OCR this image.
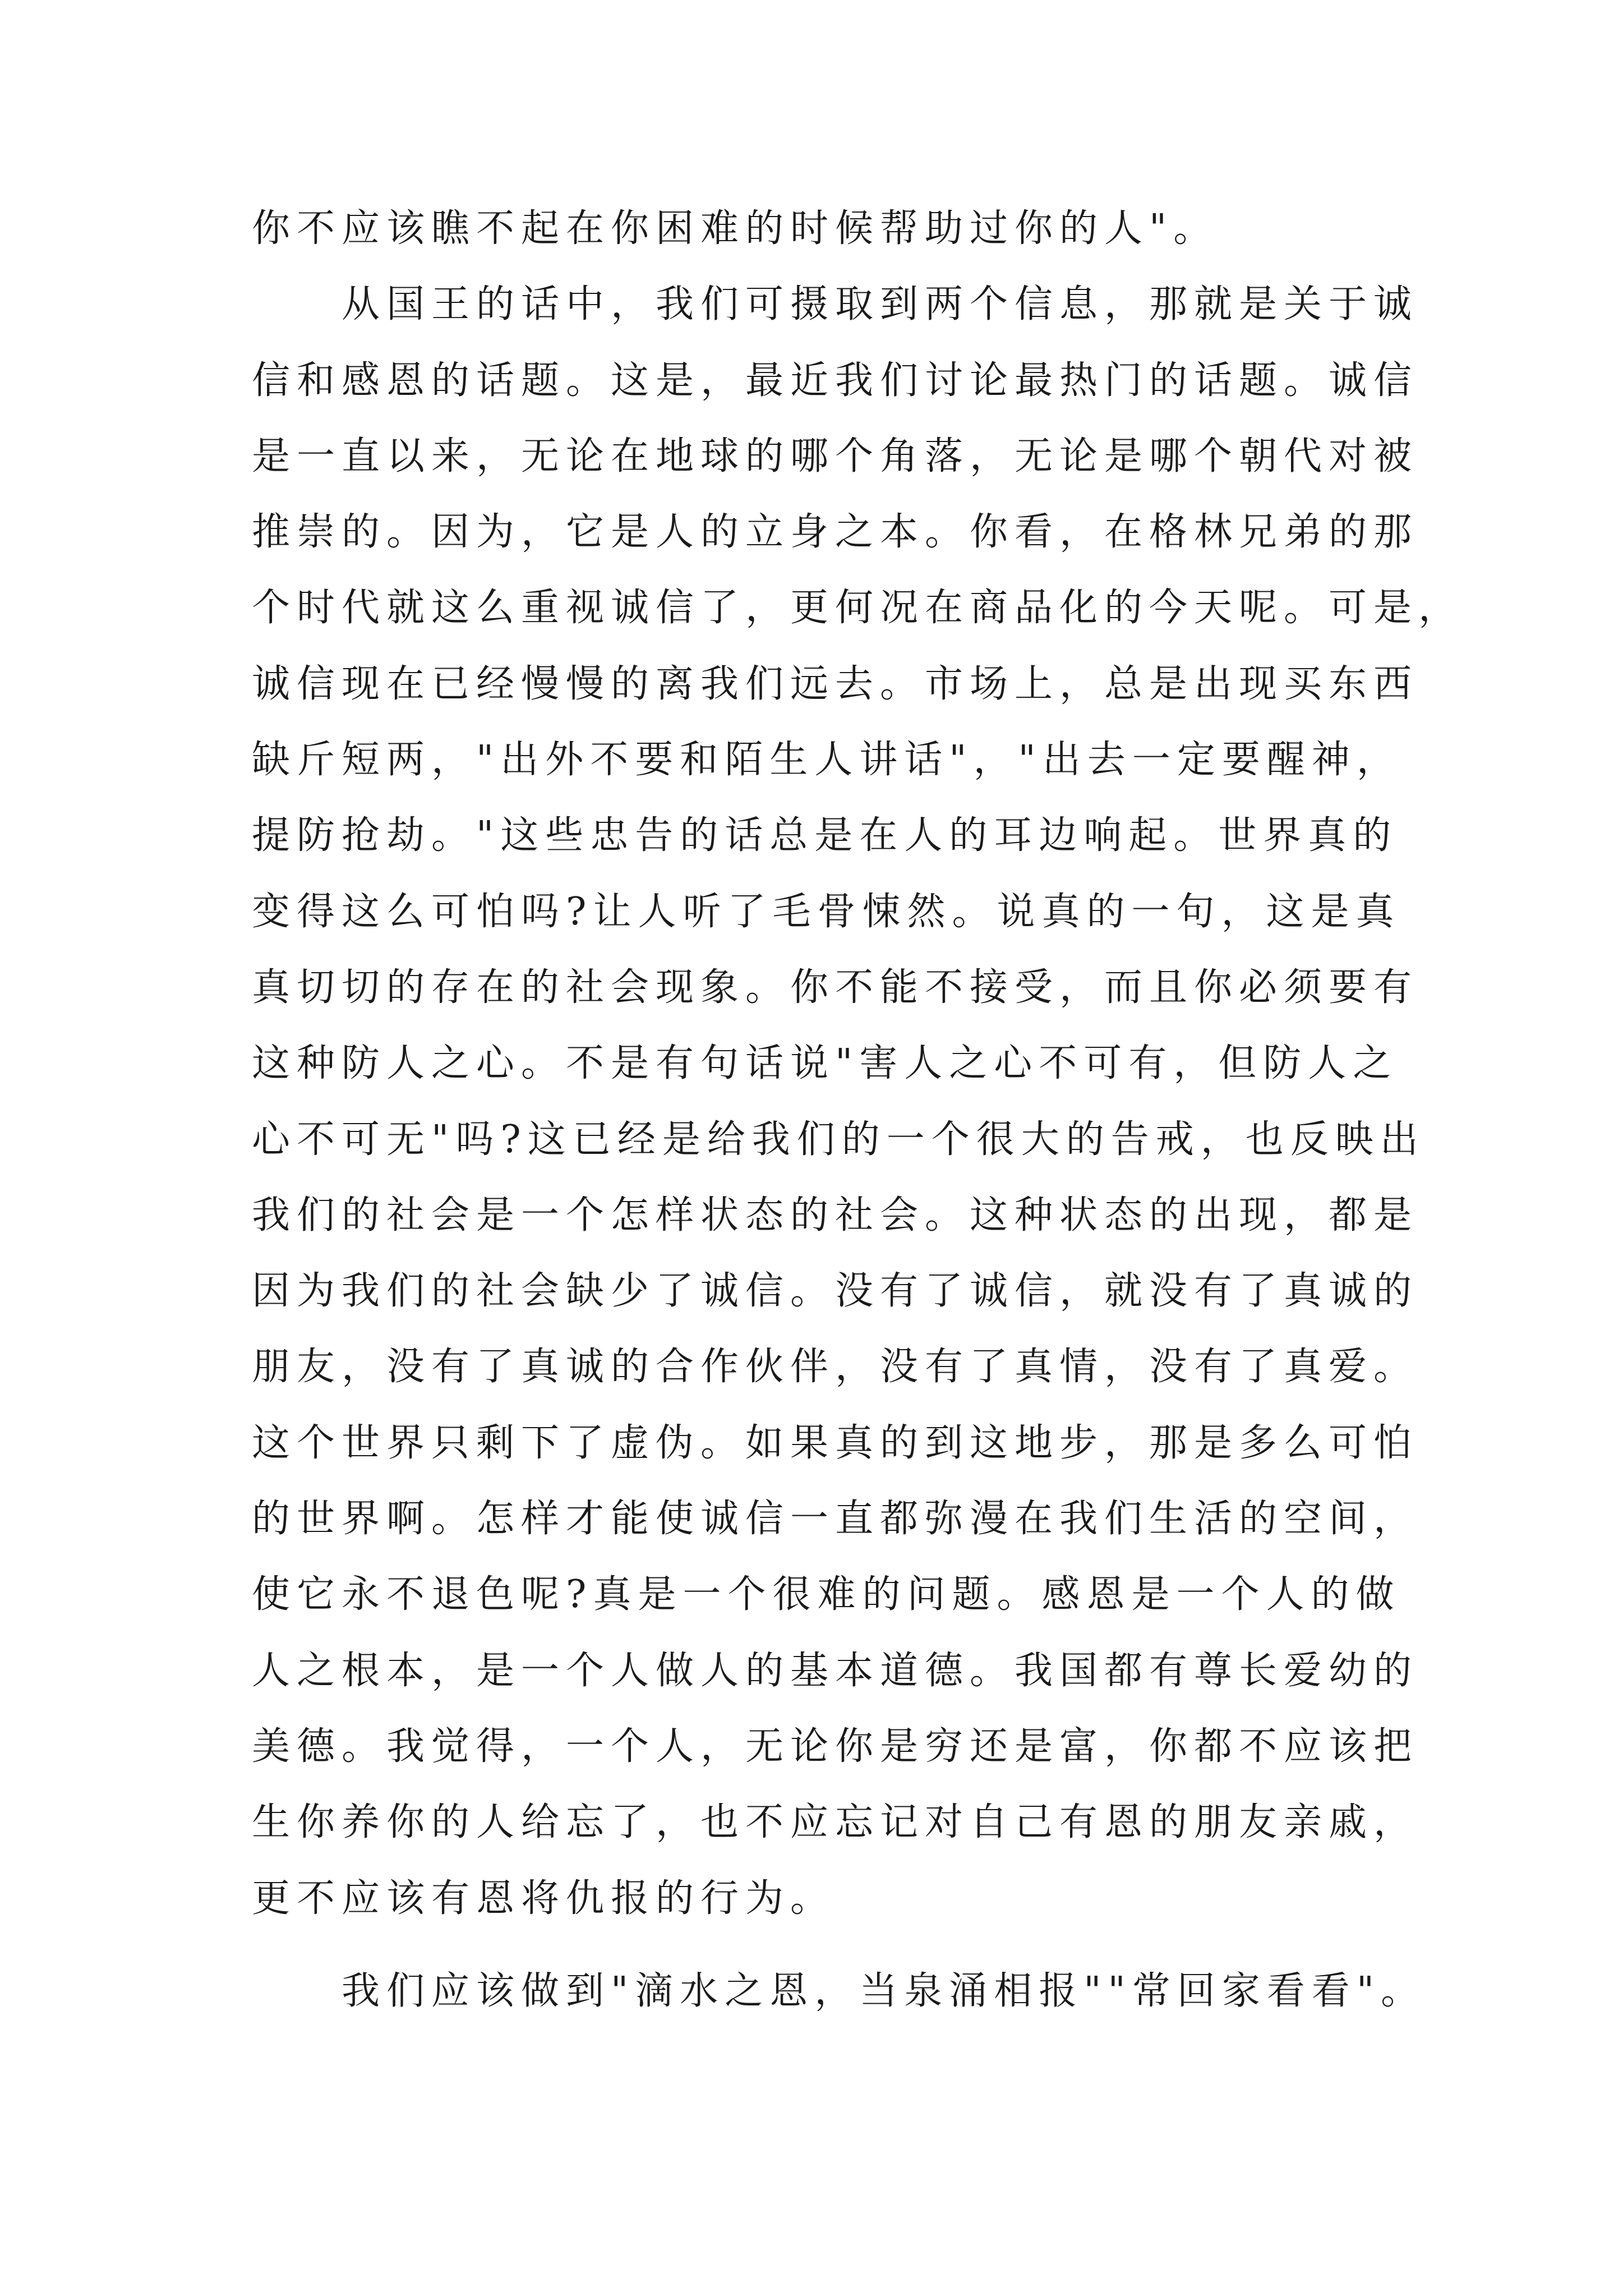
你不应该瞧不起在你困难的时候帮助过你的人"。
从国王的话中，我们可摄取到两个信息，那就是关于诚
信和感恩的话题。这是，最近我们讨论最热门的话题。诚信
是一直以来，无论在地球的哪个角落，无论是哪个朝代对被
推崇的。因为，它是人的立身之本。你看，在格林兄弟的那
个时代就这么重视诚信了，更何况在商品化的今天呢。可是，
诚信现在已经慢慢的离我们远去。市场上，总是出现买东西
缺斤短两，"出外不要和陌生人讲话"，"出去一定要醒神，
提防抢劫。"这些忠告的话总是在人的耳边响起。世界真的
变得这么可怕吗?让人听了毛骨悚然。说真的一句，这是真
真切切的存在的社会现象。你不能不接受，而且你必须要有
这种防人之心。不是有句话说"害人之心不可有，但防人之
心不可无"吗?这已经是给我们的一个很大的告戒，也反映出
我们的社会是一个怎样状态的社会。这种状态的出现，都是
因为我们的社会缺少了诚信。没有了诚信，就没有了真诚的
朋友，没有了真诚的合作伙伴，没有了真情，没有了真爱。
这个世界只剩下了虚伪。如果真的到这地步，那是多么可怕
的世界啊。怎样才能使诚信一直都弥漫在我们生活的空间，
使它永不退色呢?真是一个很难的问题。感恩是一个人的做
人之根本，是一个人做人的基本道德。我国都有尊长爱幼的
美德。我觉得，一个人，无论你是穷还是富，你都不应该把
生你养你的人给忘了，也不应忘记对自己有恩的朋友亲戚，
更不应该有恩将仇报的行为。
我们应该做到"滴水之恩，当泉涌相报""常回家看看"。
